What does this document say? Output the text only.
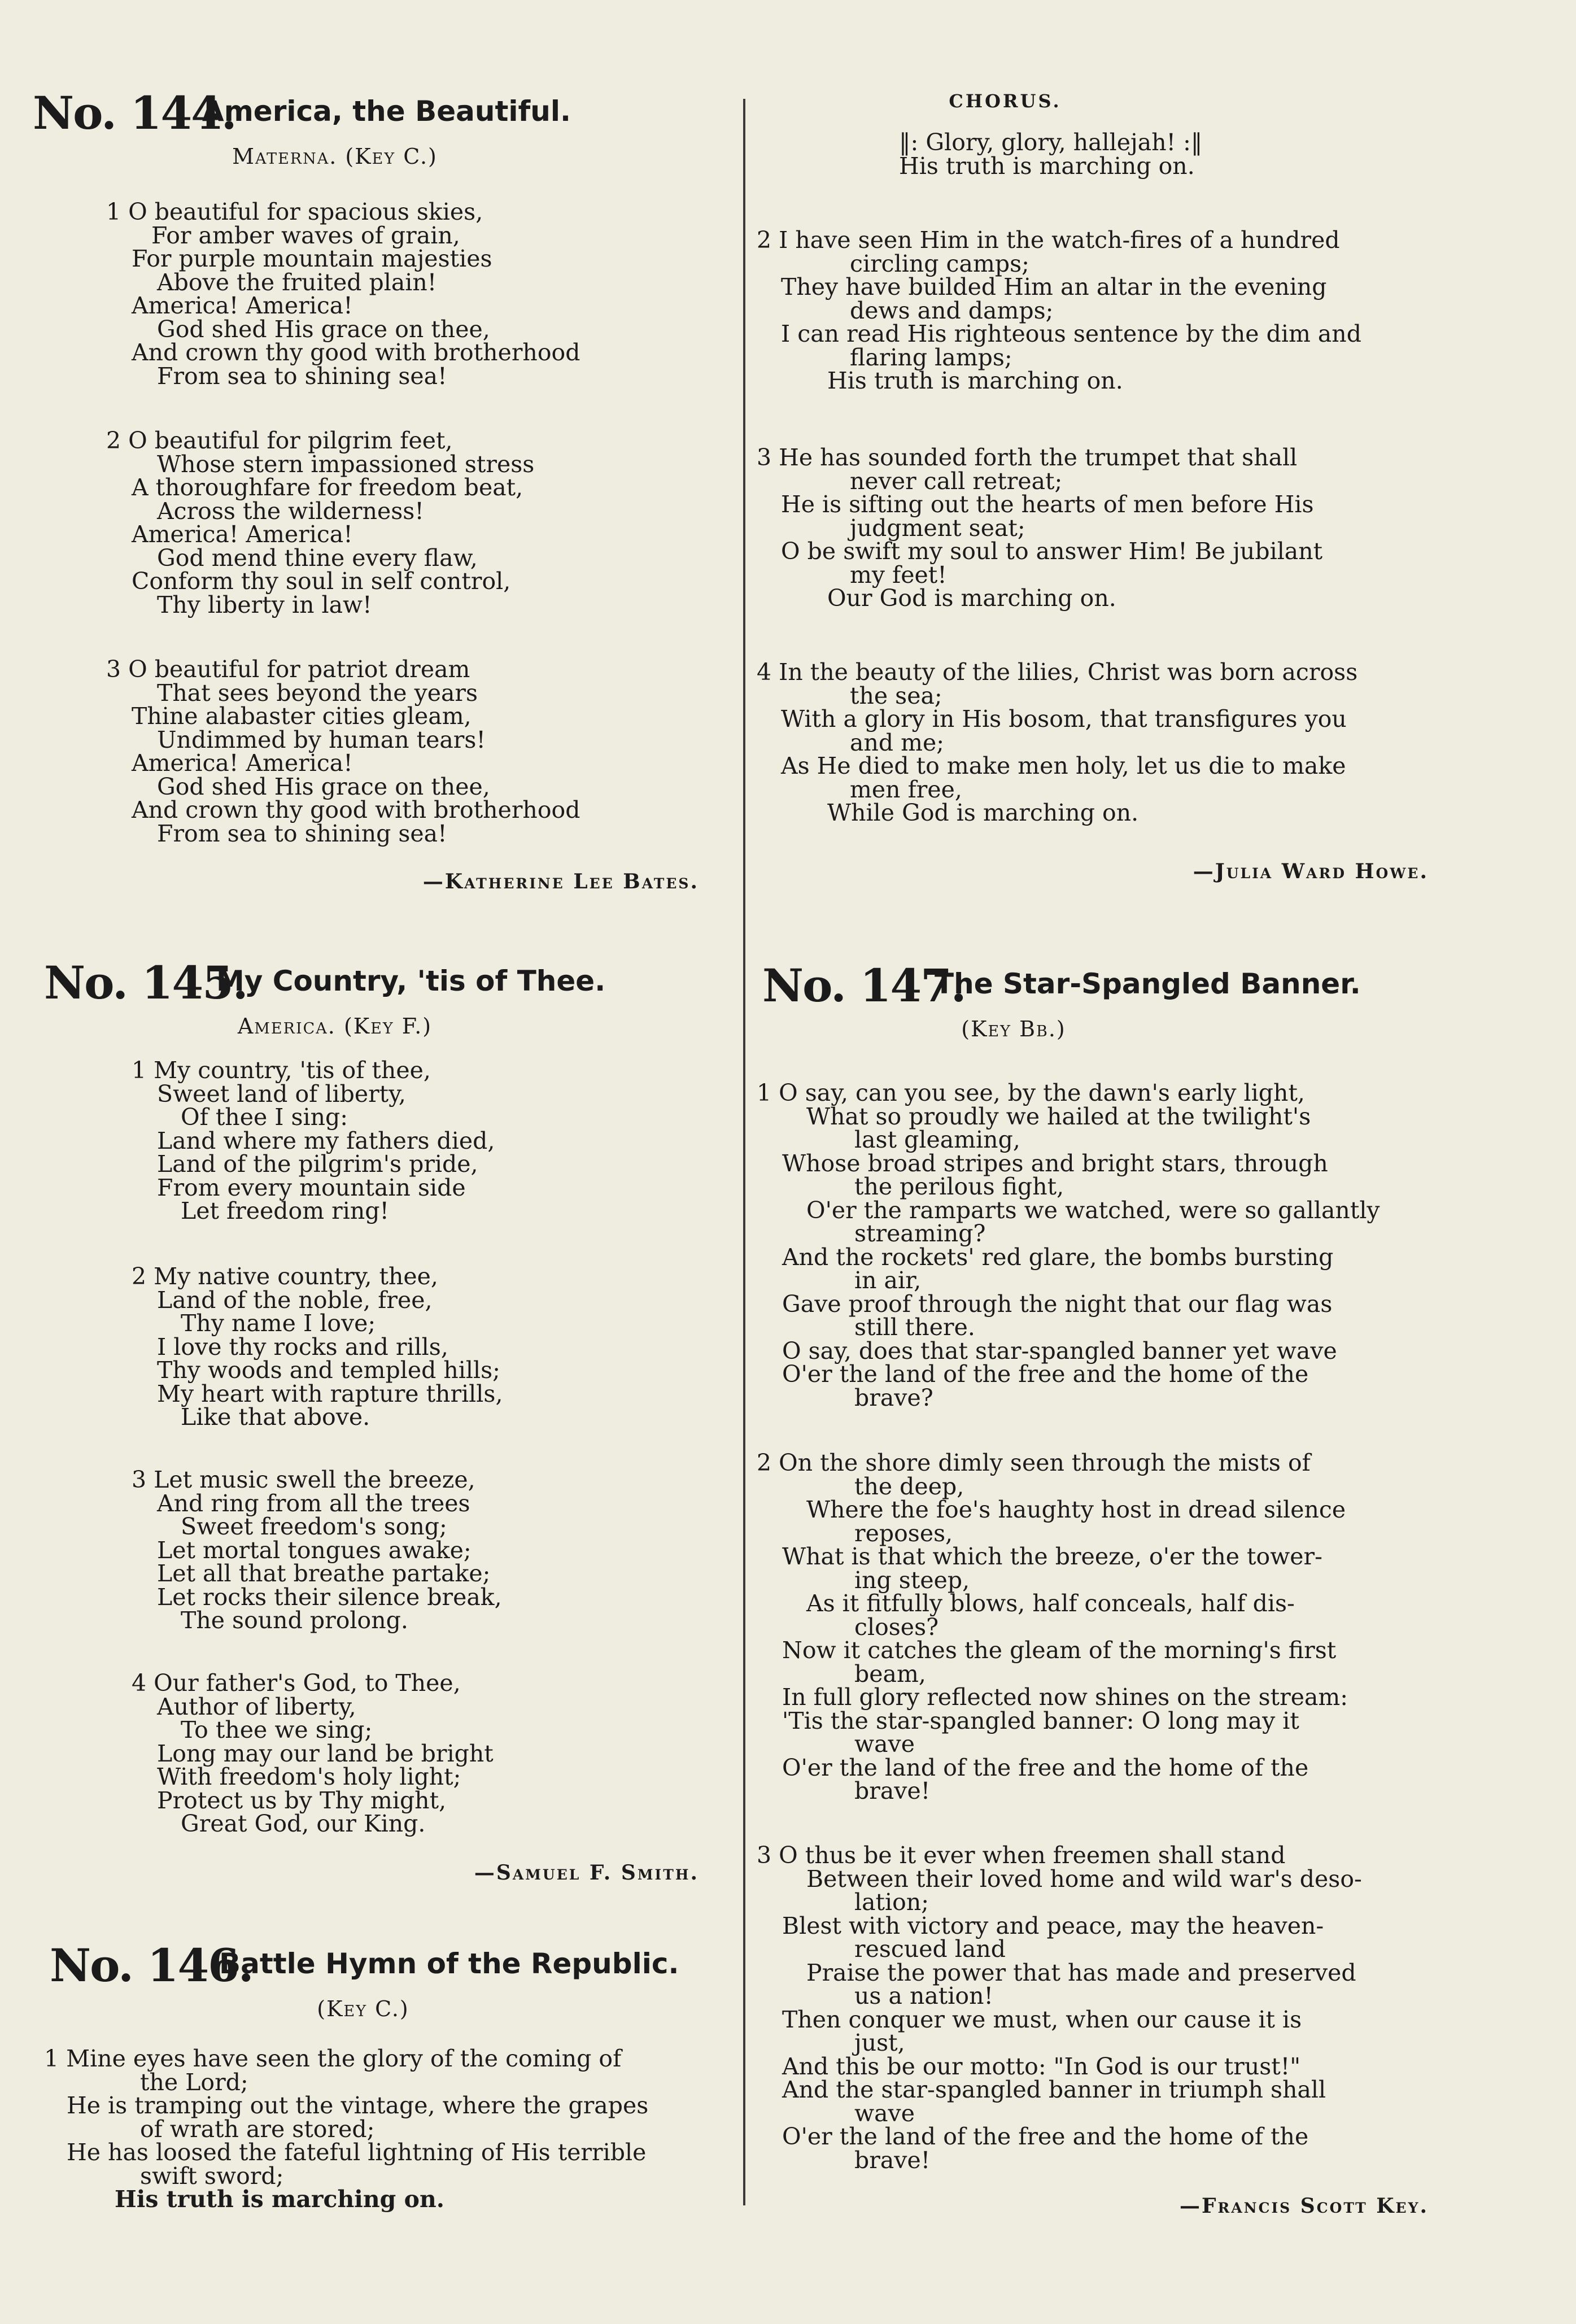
No. 144.
America, the Beautiful.
Materna. (Key C.)
1 O beautiful for spacious skies,
For amber waves of grain,
For purple mountain majesties
Above the fruited plain!
America! America!
God shed His grace on thee,
And crown thy good with brotherhood
From sea to shining sea!
2 O beautiful for pilgrim feet,
Whose stern impassioned stress
A thoroughfare for freedom beat,
Across the wilderness!
America! America!
God mend thine every flaw,
Conform thy soul in self control,
Thy liberty in law!
3 O beautiful for patriot dream
That sees beyond the years
Thine alabaster cities gleam,
Undimmed by human tears!
America! America!
God shed His grace on thee,
And crown thy good with brotherhood
From sea to shining sea!
—Katherine Lee Bates.
No. 145.
My Country, 'tis of Thee.
America. (Key F.)
1 My country, 'tis of thee,
Sweet land of liberty,
Of thee I sing:
Land where my fathers died,
Land of the pilgrim's pride,
From every mountain side
Let freedom ring!
2 My native country, thee,
Land of the noble, free,
Thy name I love;
I love thy rocks and rills,
Thy woods and templed hills;
My heart with rapture thrills,
Like that above.
3 Let music swell the breeze,
And ring from all the trees
Sweet freedom's song;
Let mortal tongues awake;
Let all that breathe partake;
Let rocks their silence break,
The sound prolong.
4 Our father's God, to Thee,
Author of liberty,
To thee we sing;
Long may our land be bright
With freedom's holy light;
Protect us by Thy might,
Great God, our King.
—Samuel F. Smith.
No. 146.
Battle Hymn of the Republic.
(Key C.)
1 Mine eyes have seen the glory of the coming of
the Lord;
He is tramping out the vintage, where the grapes
of wrath are stored;
He has loosed the fateful lightning of His terrible
swift sword;
His truth is marching on.
CHORUS.
‖: Glory, glory, hallejah! :‖
His truth is marching on.
2 I have seen Him in the watch-fires of a hundred
circling camps;
They have builded Him an altar in the evening
dews and damps;
I can read His righteous sentence by the dim and
flaring lamps;
His truth is marching on.
3 He has sounded forth the trumpet that shall
never call retreat;
He is sifting out the hearts of men before His
judgment seat;
O be swift my soul to answer Him! Be jubilant
my feet!
Our God is marching on.
4 In the beauty of the lilies, Christ was born across
the sea;
With a glory in His bosom, that transfigures you
and me;
As He died to make men holy, let us die to make
men free,
While God is marching on.
—Julia Ward Howe.
No. 147.
The Star-Spangled Banner.
(Key Bb.)
1 O say, can you see, by the dawn's early light,
What so proudly we hailed at the twilight's
last gleaming,
Whose broad stripes and bright stars, through
the perilous fight,
O'er the ramparts we watched, were so gallantly
streaming?
And the rockets' red glare, the bombs bursting
in air,
Gave proof through the night that our flag was
still there.
O say, does that star-spangled banner yet wave
O'er the land of the free and the home of the
brave?
2 On the shore dimly seen through the mists of
the deep,
Where the foe's haughty host in dread silence
reposes,
What is that which the breeze, o'er the tower-
ing steep,
As it fitfully blows, half conceals, half dis-
closes?
Now it catches the gleam of the morning's first
beam,
In full glory reflected now shines on the stream:
'Tis the star-spangled banner: O long may it
wave
O'er the land of the free and the home of the
brave!
3 O thus be it ever when freemen shall stand
Between their loved home and wild war's deso-
lation;
Blest with victory and peace, may the heaven-
rescued land
Praise the power that has made and preserved
us a nation!
Then conquer we must, when our cause it is
just,
And this be our motto: "In God is our trust!"
And the star-spangled banner in triumph shall
wave
O'er the land of the free and the home of the
brave!
—Francis Scott Key.
